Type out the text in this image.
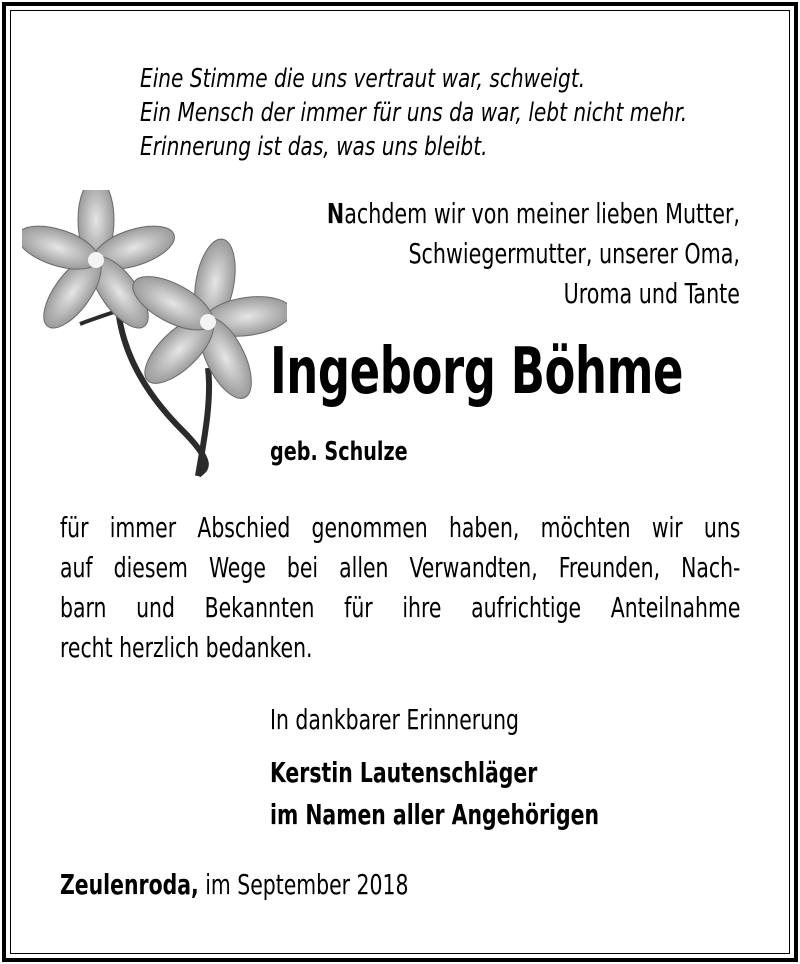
Eine Stimme die uns vertraut war, schweigt.
Ein Mensch der immer für uns da war, lebt nicht mehr.
Erinnerung ist das, was uns bleibt.
Nachdem wir von meiner lieben Mutter,
Schwiegermutter, unserer Oma,
Uroma und Tante
Ingeborg Böhme
geb. Schulze
für immer Abschied genommen haben, möchten wir uns
auf diesem Wege bei allen Verwandten, Freunden, Nach-
barn und Bekannten für ihre aufrichtige Anteilnahme
recht herzlich bedanken.
In dankbarer Erinnerung
Kerstin Lautenschläger
im Namen aller Angehörigen
Zeulenroda, im September 2018
